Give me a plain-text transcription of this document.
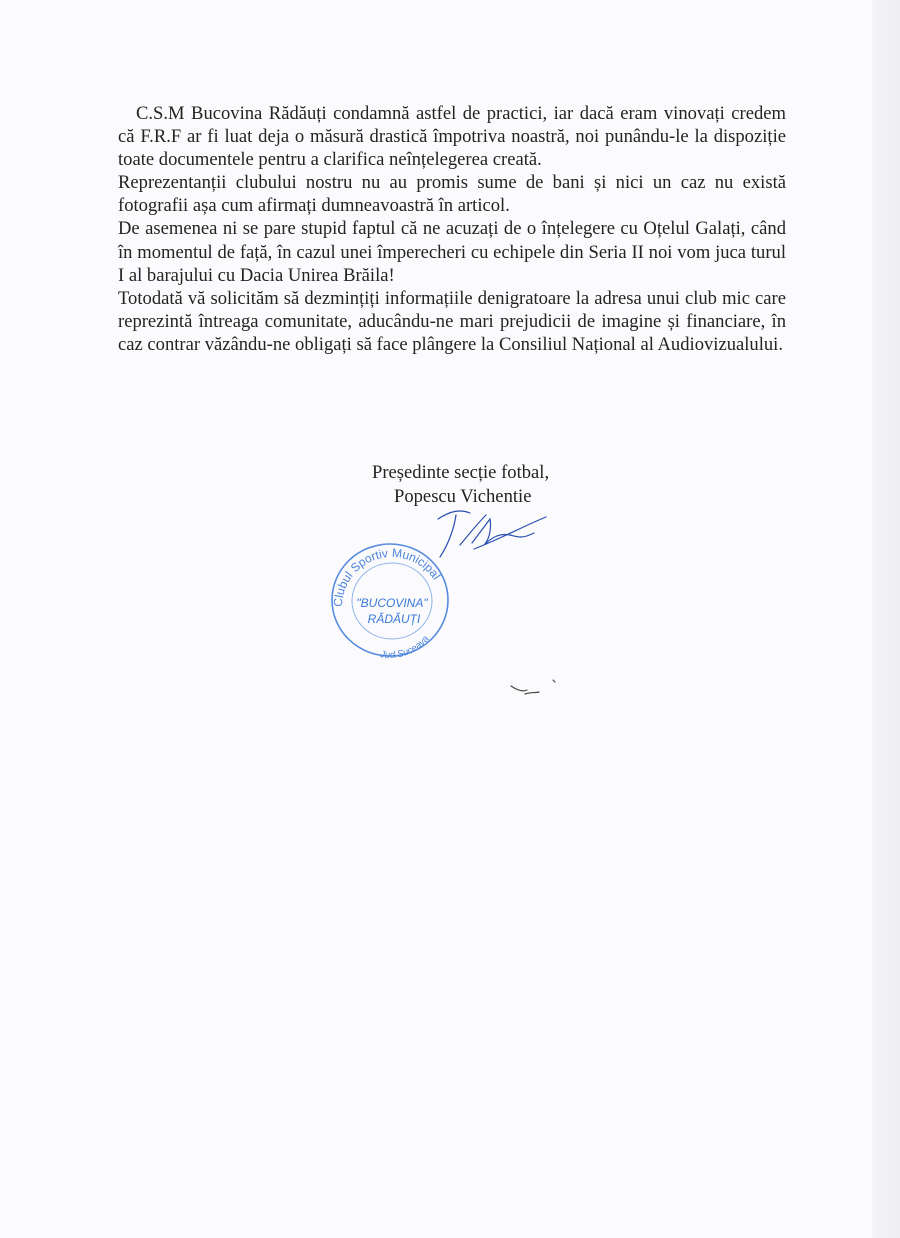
C.S.M Bucovina Rădăuți condamnă astfel de practici, iar dacă eram vinovați credem că F.R.F ar fi luat deja o măsură drastică împotriva noastră, noi punându-le la dispoziție toate documentele pentru a clarifica neînțelegerea creată.

Reprezentanții clubului nostru nu au promis sume de bani și nici un caz nu există fotografii așa cum afirmați dumneavoastră în articol.

De asemenea ni se pare stupid faptul că ne acuzați de o înțelegere cu Oțelul Galați, când în momentul de față, în cazul unei împerecheri cu echipele din Seria II noi vom juca turul I al barajului cu Dacia Unirea Brăila!

Totodată vă solicităm să dezmințiți informațiile denigratoare la adresa unui club mic care reprezintă întreaga comunitate, aducându-ne mari prejudicii de imagine și financiare, în caz contrar văzându-ne obligați să face plângere la Consiliul Național al Audiovizualului.

Președinte secție fotbal,
Popescu Vichentie
Clubul Sportiv Municipal
"BUCOVINA"
RĂDĂUȚI
Jud.Suceava
